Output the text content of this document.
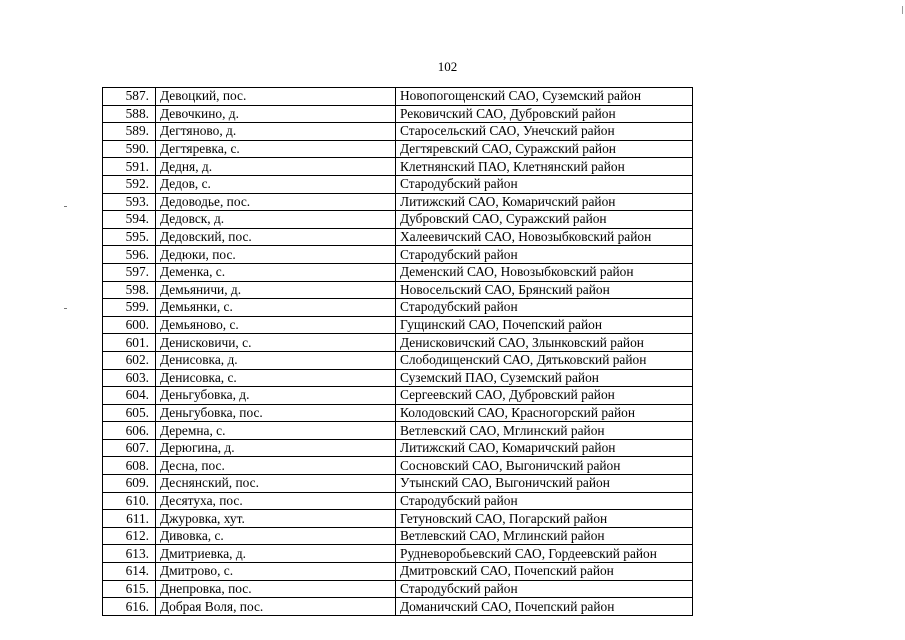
102
587.	Девоцкий, пос.	Новопогощенский САО, Суземский район
588.	Девочкино, д.	Рековичский САО, Дубровский район
589.	Дегтяново, д.	Старосельский САО, Унечский район
590.	Дегтяревка, с.	Дегтяревский САО, Суражский район
591.	Дедня, д.	Клетнянский ПАО, Клетнянский район
592.	Дедов, с.	Стародубский район
593.	Дедоводье, пос.	Литижский САО, Комаричский район
594.	Дедовск, д.	Дубровский САО, Суражский район
595.	Дедовский, пос.	Халеевичский САО, Новозыбковский район
596.	Дедюки, пос.	Стародубский район
597.	Деменка, с.	Деменский САО, Новозыбковский район
598.	Демьяничи, д.	Новосельский САО, Брянский район
599.	Демьянки, с.	Стародубский район
600.	Демьяново, с.	Гущинский САО, Почепский район
601.	Денисковичи, с.	Денисковичский САО, Злынковский район
602.	Денисовка, д.	Слободищенский САО, Дятьковский район
603.	Денисовка, с.	Суземский ПАО, Суземский район
604.	Деньгубовка, д.	Сергеевский САО, Дубровский район
605.	Деньгубовка, пос.	Колодовский САО, Красногорский район
606.	Деремна, с.	Ветлевский САО, Мглинский район
607.	Дерюгина, д.	Литижский САО, Комаричский район
608.	Десна, пос.	Сосновский САО, Выгоничский район
609.	Деснянский, пос.	Утынский САО, Выгоничский район
610.	Десятуха, пос.	Стародубский район
611.	Джуровка, хут.	Гетуновский САО, Погарский район
612.	Дивовка, с.	Ветлевский САО, Мглинский район
613.	Дмитриевка, д.	Рудневоробьевский САО, Гордеевский район
614.	Дмитрово, с.	Дмитровский САО, Почепский район
615.	Днепровка, пос.	Стародубский район
616.	Добрая Воля, пос.	Доманичский САО, Почепский район
